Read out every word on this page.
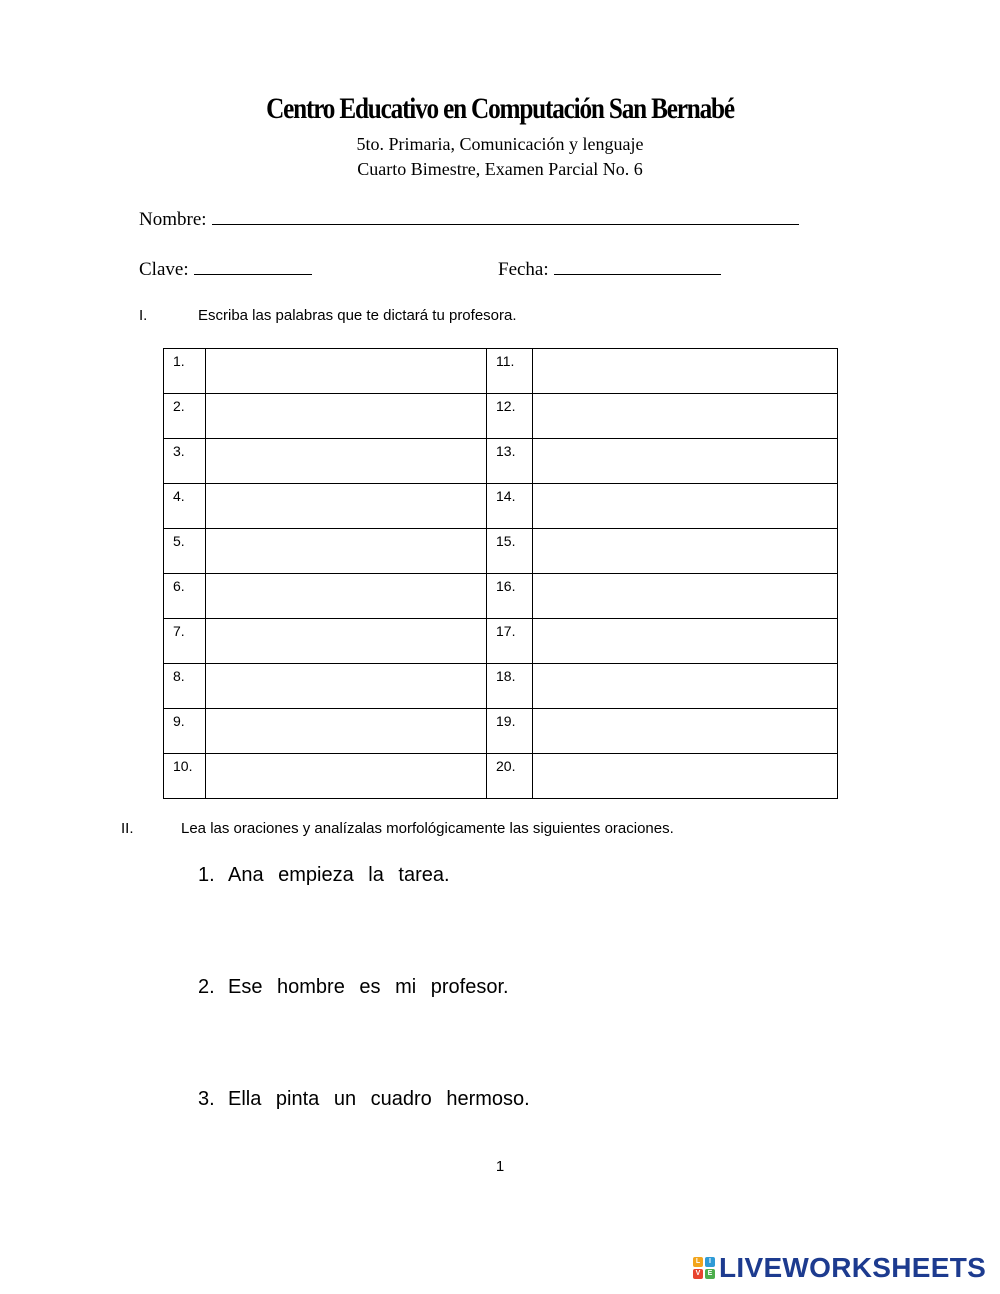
Centro Educativo en Computación San Bernabé
5to. Primaria, Comunicación y lenguaje
Cuarto Bimestre, Examen Parcial No. 6
Nombre:
Clave:	Fecha:
I.	Escriba las palabras que te dictará tu profesora.
1.		11.	
2.		12.	
3.		13.	
4.		14.	
5.		15.	
6.		16.	
7.		17.	
8.		18.	
9.		19.	
10.		20.	
II.	Lea las oraciones y analízalas morfológicamente las siguientes oraciones.
1. Ana empieza la tarea.
2. Ese hombre es mi profesor.
3. Ella pinta un cuadro hermoso.
1
L	I
V	E LIVEWORKSHEETS
